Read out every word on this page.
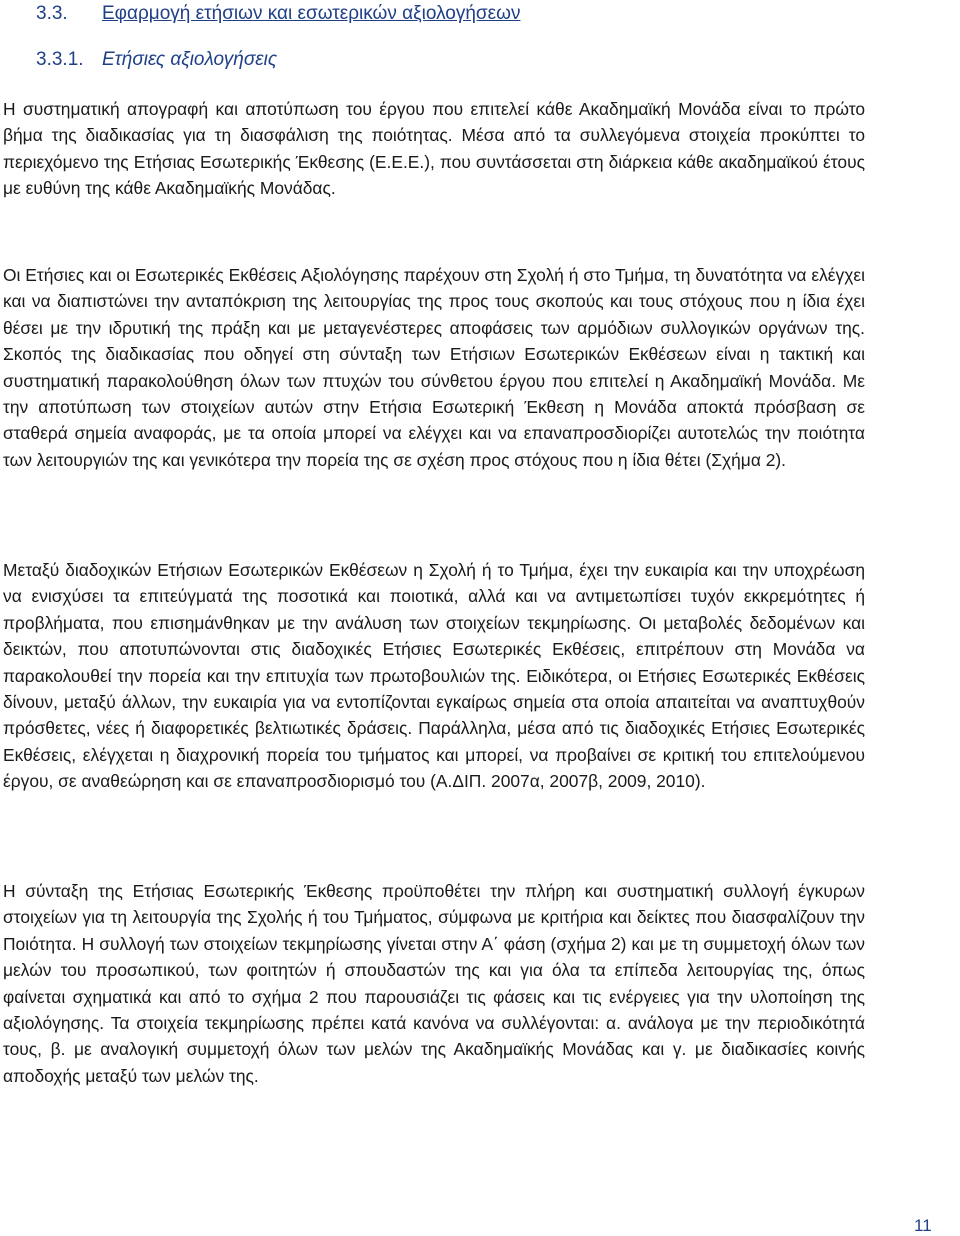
3.3. Εφαρμογή ετήσιων και εσωτερικών αξιολογήσεων
3.3.1. Ετήσιες αξιολογήσεις

Η συστηματική απογραφή και αποτύπωση του έργου που επιτελεί κάθε Ακαδημαϊκή Μονάδα είναι το πρώτο βήμα της διαδικασίας για τη διασφάλιση της ποιότητας. Μέσα από τα συλλεγόμενα στοιχεία προκύπτει το περιεχόμενο της Ετήσιας Εσωτερικής Έκθεσης (Ε.Ε.Ε.), που συντάσσεται στη διάρκεια κάθε ακαδημαϊκού έτους με ευθύνη της κάθε Ακαδημαϊκής Μονάδας.

Οι Ετήσιες και οι Εσωτερικές Εκθέσεις Αξιολόγησης παρέχουν στη Σχολή ή στο Τμήμα, τη δυνατότητα να ελέγχει και να διαπιστώνει την ανταπόκριση της λειτουργίας της προς τους σκοπούς και τους στόχους που η ίδια έχει θέσει με την ιδρυτική της πράξη και με μεταγενέστερες αποφάσεις των αρμόδιων συλλογικών οργάνων της. Σκοπός της διαδικασίας που οδηγεί στη σύνταξη των Ετήσιων Εσωτερικών Εκθέσεων είναι η τακτική και συστηματική παρακολούθηση όλων των πτυχών του σύνθετου έργου που επιτελεί η Ακαδημαϊκή Μονάδα. Με την αποτύπωση των στοιχείων αυτών στην Ετήσια Εσωτερική Έκθεση η Μονάδα αποκτά πρόσβαση σε σταθερά σημεία αναφοράς, με τα οποία μπορεί να ελέγχει και να επαναπροσδιορίζει αυτοτελώς την ποιότητα των λειτουργιών της και γενικότερα την πορεία της σε σχέση προς στόχους που η ίδια θέτει (Σχήμα 2).

Μεταξύ διαδοχικών Ετήσιων Εσωτερικών Εκθέσεων η Σχολή ή το Τμήμα, έχει την ευκαιρία και την υποχρέωση να ενισχύσει τα επιτεύγματά της ποσοτικά και ποιοτικά, αλλά και να αντιμετωπίσει τυχόν εκκρεμότητες ή προβλήματα, που επισημάνθηκαν με την ανάλυση των στοιχείων τεκμηρίωσης. Οι μεταβολές δεδομένων και δεικτών, που αποτυπώνονται στις διαδοχικές Ετήσιες Εσωτερικές Εκθέσεις, επιτρέπουν στη Μονάδα να παρακολουθεί την πορεία και την επιτυχία των πρωτοβουλιών της. Ειδικότερα, οι Ετήσιες Εσωτερικές Εκθέσεις δίνουν, μεταξύ άλλων, την ευκαιρία για να εντοπίζονται εγκαίρως σημεία στα οποία απαιτείται να αναπτυχθούν πρόσθετες, νέες ή διαφορετικές βελτιωτικές δράσεις. Παράλληλα, μέσα από τις διαδοχικές Ετήσιες Εσωτερικές Εκθέσεις, ελέγχεται η διαχρονική πορεία του τμήματος και μπορεί, να προβαίνει σε κριτική του επιτελούμενου έργου, σε αναθεώρηση και σε επαναπροσδιορισμό του (Α.ΔΙΠ. 2007α, 2007β, 2009, 2010).

Η σύνταξη της Ετήσιας Εσωτερικής Έκθεσης προϋποθέτει την πλήρη και συστηματική συλλογή έγκυρων στοιχείων για τη λειτουργία της Σχολής ή του Τμήματος, σύμφωνα με κριτήρια και δείκτες που διασφαλίζουν την Ποιότητα. Η συλλογή των στοιχείων τεκμηρίωσης γίνεται στην Α΄ φάση (σχήμα 2) και με τη συμμετοχή όλων των μελών του προσωπικού, των φοιτητών ή σπουδαστών της και για όλα τα επίπεδα λειτουργίας της, όπως φαίνεται σχηματικά και από το σχήμα 2 που παρουσιάζει τις φάσεις και τις ενέργειες για την υλοποίηση της αξιολόγησης. Τα στοιχεία τεκμηρίωσης πρέπει κατά κανόνα να συλλέγονται: α. ανάλογα με την περιοδικότητά τους, β. με αναλογική συμμετοχή όλων των μελών της Ακαδημαϊκής Μονάδας και γ. με διαδικασίες κοινής αποδοχής μεταξύ των μελών της.

11
